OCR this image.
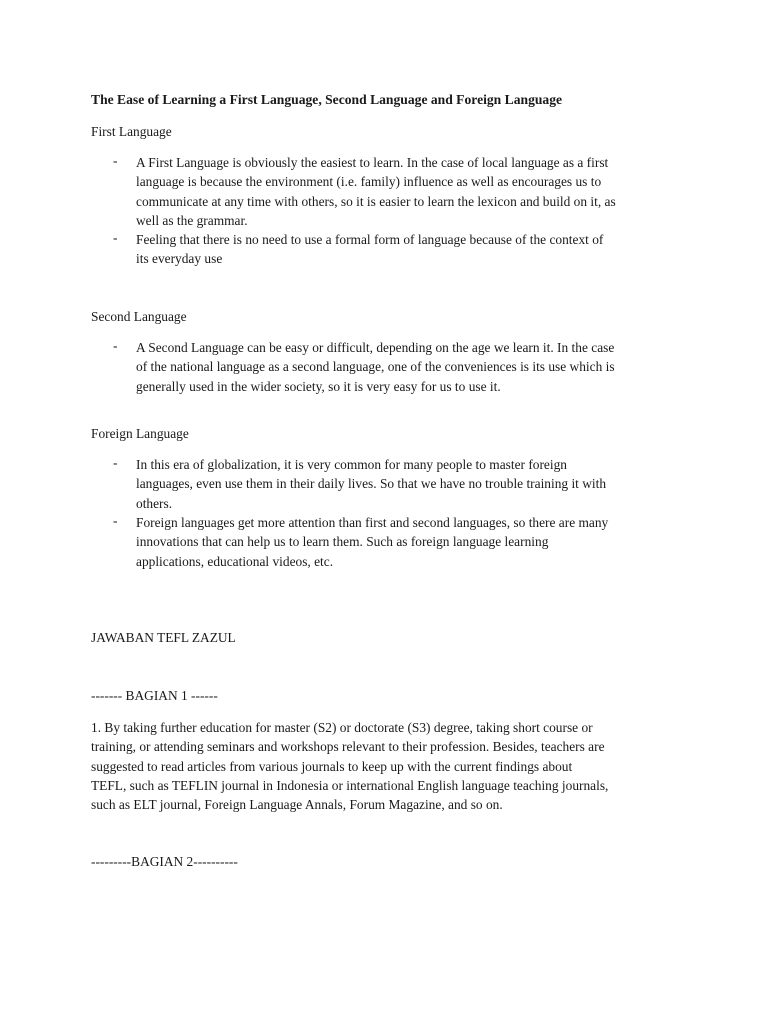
The Ease of Learning a First Language, Second Language and Foreign Language

First Language

- A First Language is obviously the easiest to learn. In the case of local language as a first
language is because the environment (i.e. family) influence as well as encourages us to
communicate at any time with others, so it is easier to learn the lexicon and build on it, as
well as the grammar.
- Feeling that there is no need to use a formal form of language because of the context of
its everyday use

Second Language

- A Second Language can be easy or difficult, depending on the age we learn it. In the case
of the national language as a second language, one of the conveniences is its use which is
generally used in the wider society, so it is very easy for us to use it.

Foreign Language

- In this era of globalization, it is very common for many people to master foreign
languages, even use them in their daily lives. So that we have no trouble training it with
others.
- Foreign languages get more attention than first and second languages, so there are many
innovations that can help us to learn them. Such as foreign language learning
applications, educational videos, etc.

JAWABAN TEFL ZAZUL

------- BAGIAN 1 ------

1. By taking further education for master (S2) or doctorate (S3) degree, taking short course or
training, or attending seminars and workshops relevant to their profession. Besides, teachers are
suggested to read articles from various journals to keep up with the current findings about
TEFL, such as TEFLIN journal in Indonesia or international English language teaching journals,
such as ELT journal, Foreign Language Annals, Forum Magazine, and so on.

---------BAGIAN 2----------
